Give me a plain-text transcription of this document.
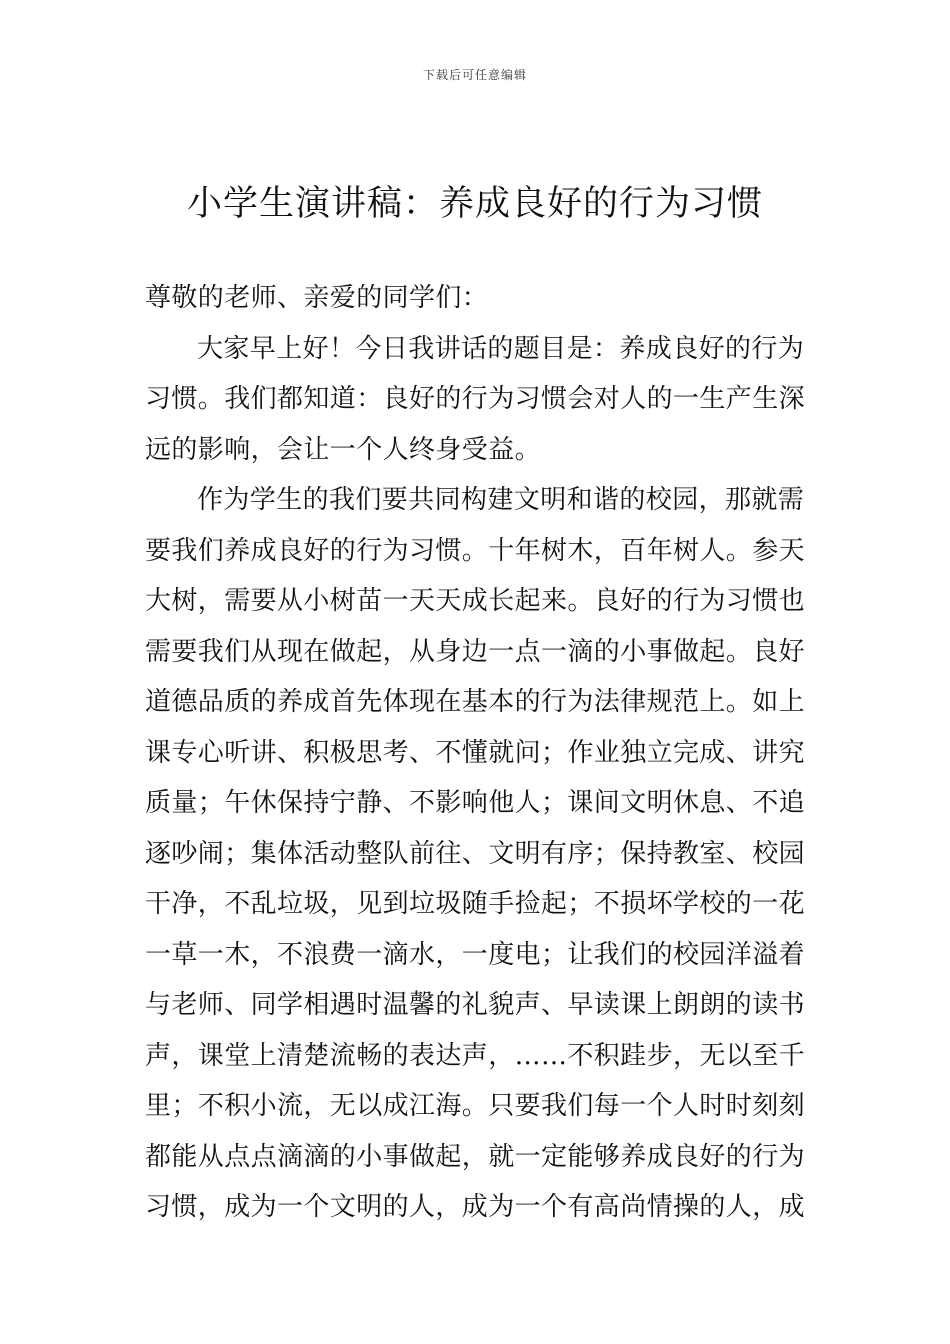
下载后可任意编辑
小学生演讲稿：养成良好的行为习惯
尊敬的老师、亲爱的同学们：
大家早上好！今日我讲话的题目是：养成良好的行为
习惯。我们都知道：良好的行为习惯会对人的一生产生深
远的影响，会让一个人终身受益。
作为学生的我们要共同构建文明和谐的校园，那就需
要我们养成良好的行为习惯。十年树木，百年树人。参天
大树，需要从小树苗一天天成长起来。良好的行为习惯也
需要我们从现在做起，从身边一点一滴的小事做起。良好
道德品质的养成首先体现在基本的行为法律规范上。如上
课专心听讲、积极思考、不懂就问；作业独立完成、讲究
质量；午休保持宁静、不影响他人；课间文明休息、不追
逐吵闹；集体活动整队前往、文明有序；保持教室、校园
干净，不乱垃圾，见到垃圾随手捡起；不损坏学校的一花
一草一木，不浪费一滴水，一度电；让我们的校园洋溢着
与老师、同学相遇时温馨的礼貌声、早读课上朗朗的读书
声，课堂上清楚流畅的表达声，……不积跬步，无以至千
里；不积小流，无以成江海。只要我们每一个人时时刻刻
都能从点点滴滴的小事做起，就一定能够养成良好的行为
习惯，成为一个文明的人，成为一个有高尚情操的人，成
